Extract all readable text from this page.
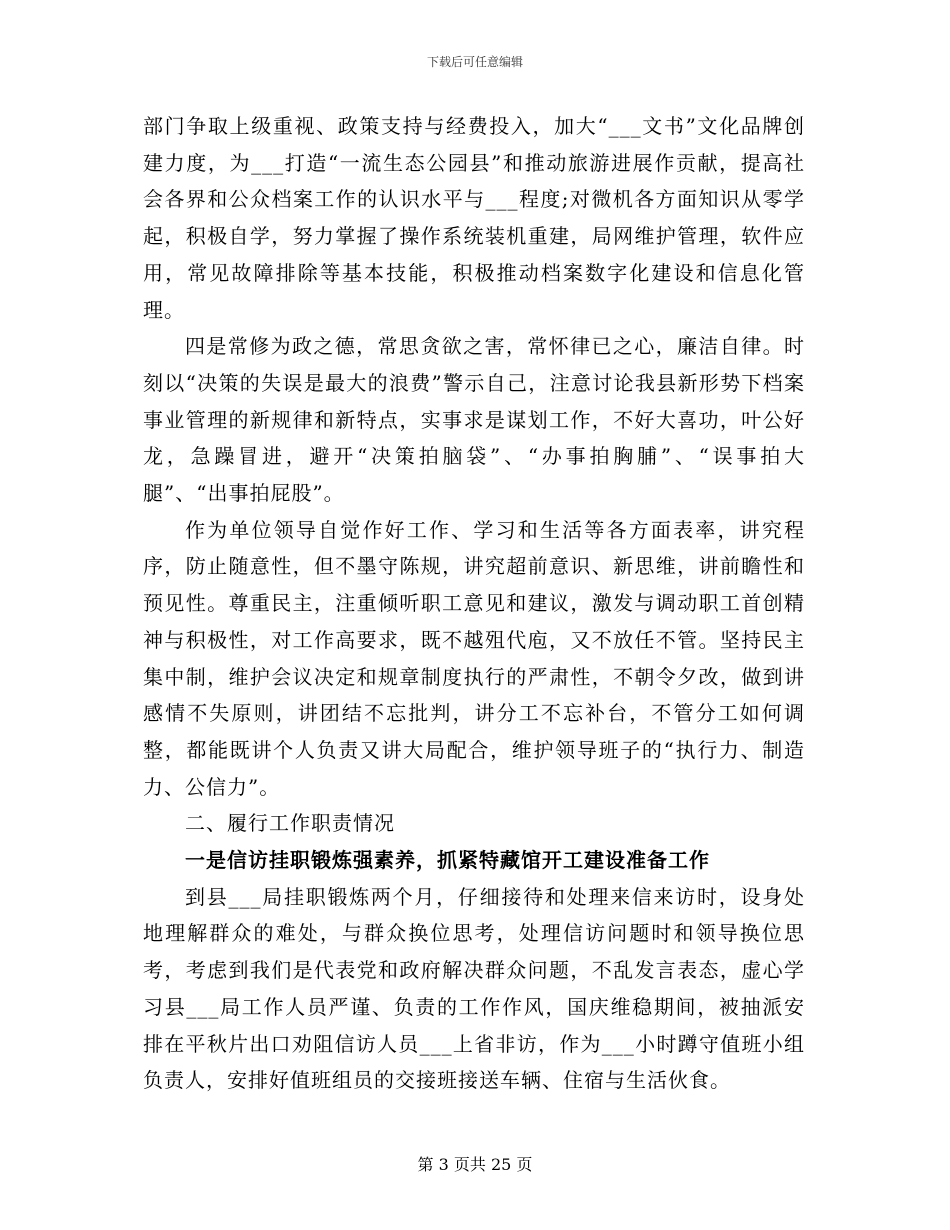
下载后可任意编辑

部门争取上级重视、政策支持与经费投入，加大“___文书”文化品牌创建力度，为___打造“一流生态公园县”和推动旅游进展作贡献，提高社会各界和公众档案工作的认识水平与___程度;对微机各方面知识从零学起，积极自学，努力掌握了操作系统装机重建，局网维护管理，软件应用，常见故障排除等基本技能，积极推动档案数字化建设和信息化管理。

四是常修为政之德，常思贪欲之害，常怀律已之心，廉洁自律。时刻以“决策的失误是最大的浪费”警示自己，注意讨论我县新形势下档案事业管理的新规律和新特点，实事求是谋划工作，不好大喜功，叶公好龙，急躁冒进，避开“决策拍脑袋”、“办事拍胸脯”、“误事拍大腿”、“出事拍屁股”。

作为单位领导自觉作好工作、学习和生活等各方面表率，讲究程序，防止随意性，但不墨守陈规，讲究超前意识、新思维，讲前瞻性和预见性。尊重民主，注重倾听职工意见和建议，激发与调动职工首创精神与积极性，对工作高要求，既不越殂代庖，又不放任不管。坚持民主集中制，维护会议决定和规章制度执行的严肃性，不朝令夕改，做到讲感情不失原则，讲团结不忘批判，讲分工不忘补台，不管分工如何调整，都能既讲个人负责又讲大局配合，维护领导班子的“执行力、制造力、公信力”。

二、履行工作职责情况

一是信访挂职锻炼强素养，抓紧特藏馆开工建设准备工作

到县___局挂职锻炼两个月，仔细接待和处理来信来访时，设身处地理解群众的难处，与群众换位思考，处理信访问题时和领导换位思考，考虑到我们是代表党和政府解决群众问题，不乱发言表态，虚心学习县___局工作人员严谨、负责的工作作风，国庆维稳期间，被抽派安排在平秋片出口劝阻信访人员___上省非访，作为___小时蹲守值班小组负责人，安排好值班组员的交接班接送车辆、住宿与生活伙食。

第 3 页共 25 页
